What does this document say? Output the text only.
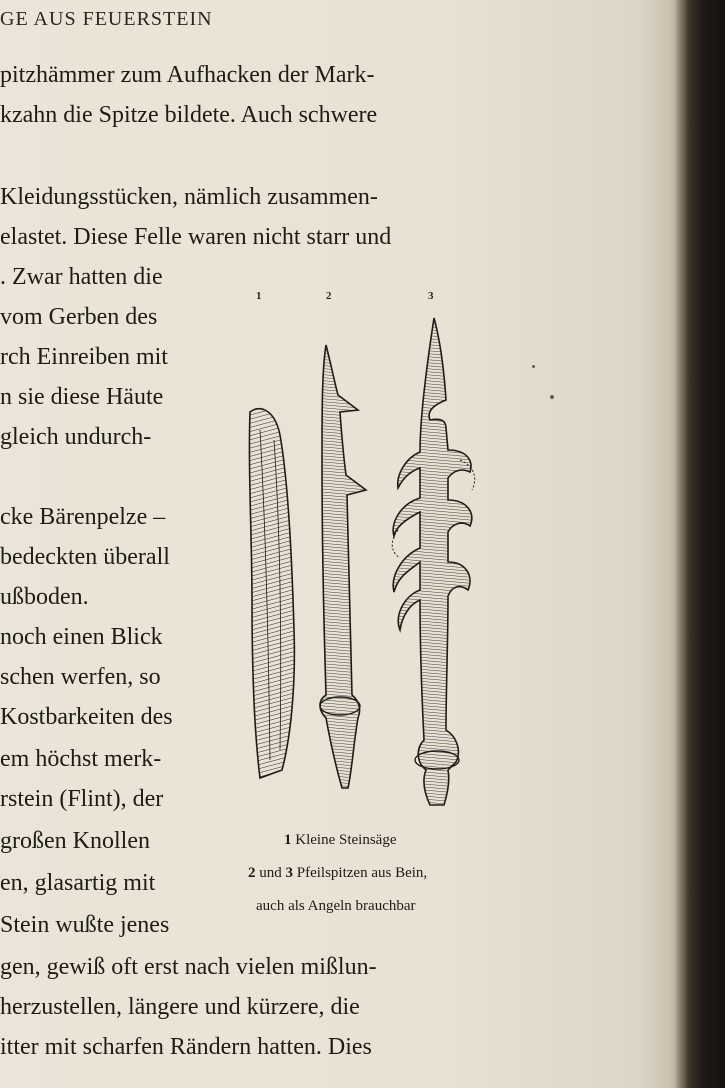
GE AUS FEUERSTEIN
pitzhämmer zum Aufhacken der Mark-
kzahn die Spitze bildete. Auch schwere
Kleidungsstücken, nämlich zusammen-
elastet. Diese Felle waren nicht starr und
. Zwar hatten die
vom Gerben des
rch Einreiben mit
n sie diese Häute
gleich undurch-
cke Bärenpelze –
bedeckten überall
ußboden.
noch einen Blick
schen werfen, so
Kostbarkeiten des
em höchst merk-
rstein (Flint), der
großen Knollen
en, glasartig mit
Stein wußte jenes
gen, gewiß oft erst nach vielen mißlun-
herzustellen, längere und kürzere, die
itter mit scharfen Rändern hatten. Dies
1	2	3
1 Kleine Steinsäge
2 und 3 Pfeilspitzen aus Bein,
auch als Angeln brauchbar
